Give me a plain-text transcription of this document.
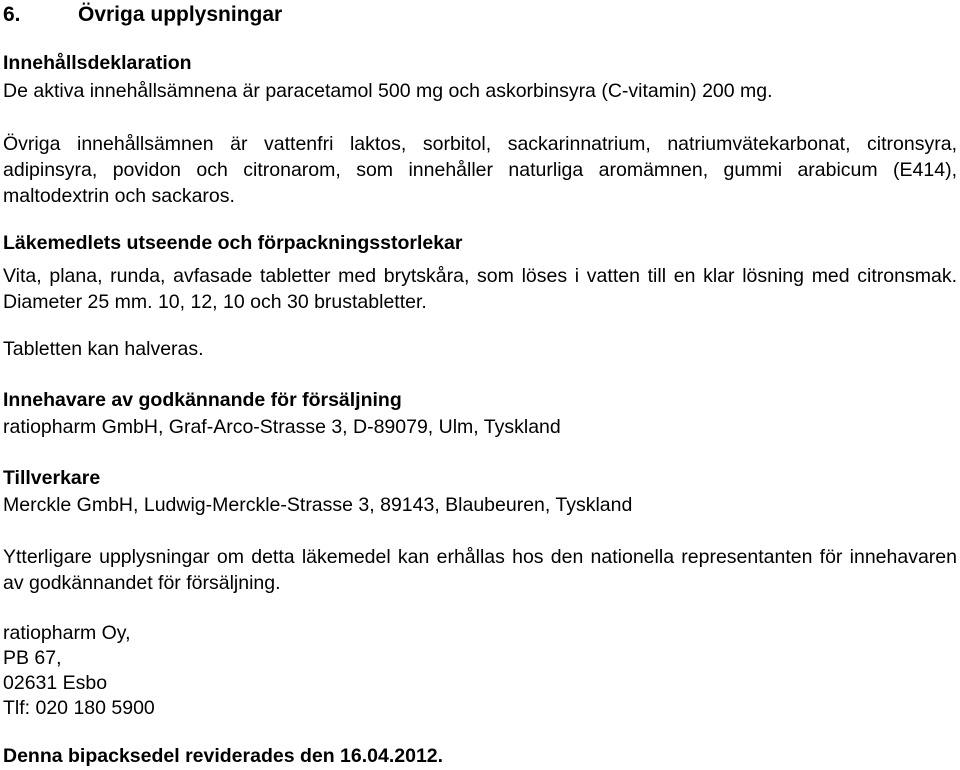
6.	Övriga upplysningar
Innehållsdeklaration
De aktiva innehållsämnena är paracetamol 500 mg och askorbinsyra (C-vitamin) 200 mg.
Övriga innehållsämnen är vattenfri laktos, sorbitol, sackarinnatrium, natriumvätekarbonat, citronsyra, adipinsyra, povidon och citronarom, som innehåller naturliga aromämnen, gummi arabicum (E414), maltodextrin och sackaros.
Läkemedlets utseende och förpackningsstorlekar
Vita, plana, runda, avfasade tabletter med brytskåra, som löses i vatten till en klar lösning med citronsmak. Diameter 25 mm. 10, 12, 10 och 30 brustabletter.
Tabletten kan halveras.
Innehavare av godkännande för försäljning
ratiopharm GmbH, Graf-Arco-Strasse 3, D-89079, Ulm, Tyskland
Tillverkare
Merckle GmbH, Ludwig-Merckle-Strasse 3, 89143, Blaubeuren, Tyskland
Ytterligare upplysningar om detta läkemedel kan erhållas hos den nationella representanten för innehavaren av godkännandet för försäljning.
ratiopharm Oy,
PB 67,
02631 Esbo
Tlf: 020 180 5900
Denna bipacksedel reviderades den 16.04.2012.
